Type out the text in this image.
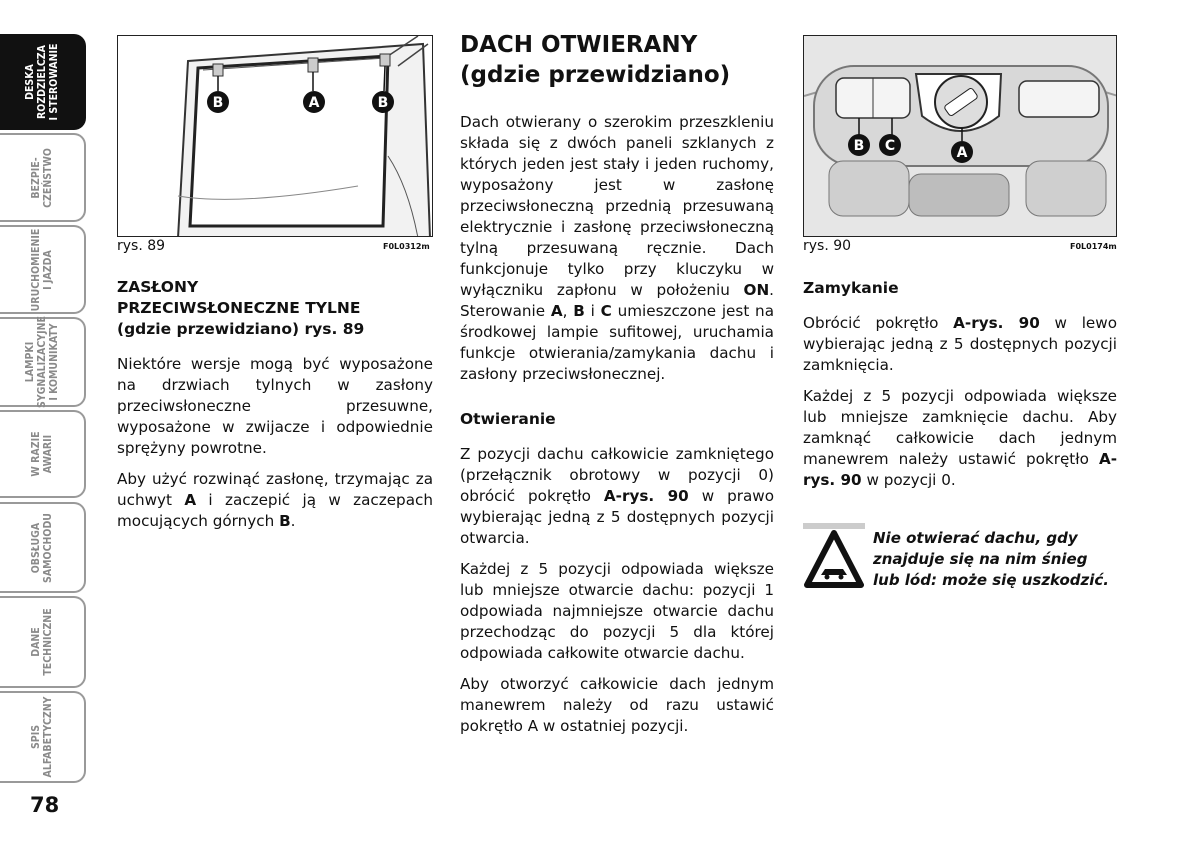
DESKA
ROZDZIELCZA
I STEROWANIE
BEZPIE-
CZEŃSTWO
URUCHOMIENIE
I JAZDA
LAMPKI
SYGNALIZACYJNE
I KOMUNIKATY
W RAZIE
AWARII
OBSŁUGA
SAMOCHODU
DANE
TECHNICZNE
SPIS
ALFABETYCZNY
78
B	A	B
rys. 89	F0L0312m
ZASŁONY
PRZECIWSŁONECZNE TYLNE
(gdzie przewidziano) rys. 89

Niektóre wersje mogą być wyposażone na drzwiach tylnych w zasłony przeciwsłoneczne przesuwne, wyposażone w zwijacze i odpowiednie sprężyny powrotne.

Aby użyć rozwinąć zasłonę, trzymając za uchwyt A i zaczepić ją w zaczepach mocujących górnych B.

DACH OTWIERANY
(gdzie przewidziano)

Dach otwierany o szerokim przeszkleniu składa się z dwóch paneli szklanych z których jeden jest stały i jeden ruchomy, wyposażony jest w zasłonę przeciwsłoneczną przednią przesuwaną elektrycznie i zasłonę przeciwsłoneczną tylną przesuwaną ręcznie. Dach funkcjonuje tylko przy kluczyku w wyłączniku zapłonu w położeniu ON. Sterowanie A, B i C umieszczone jest na środkowej lampie sufitowej, uruchamia funkcje otwierania/zamykania dachu i zasłony przeciwsłonecznej.

Otwieranie

Z pozycji dachu całkowicie zamkniętego (przełącznik obrotowy w pozycji 0) obrócić pokrętło A-rys. 90 w prawo wybierając jedną z 5 dostępnych pozycji otwarcia.

Każdej z 5 pozycji odpowiada większe lub mniejsze otwarcie dachu: pozycji 1 odpowiada najmniejsze otwarcie dachu przechodząc do pozycji 5 dla której odpowiada całkowite otwarcie dachu.

Aby otworzyć całkowicie dach jednym manewrem należy od razu ustawić pokrętło A w ostatniej pozycji.

B C	A
rys. 90	F0L0174m
Zamykanie

Obrócić pokrętło A-rys. 90 w lewo wybierając jedną z 5 dostępnych pozycji zamknięcia.

Każdej z 5 pozycji odpowiada większe lub mniejsze zamknięcie dachu. Aby zamknąć całkowicie dach jednym manewrem należy ustawić pokrętło A-rys. 90 w pozycji 0.

Nie otwierać dachu, gdy znajduje się na nim śnieg lub lód: może się uszkodzić.
